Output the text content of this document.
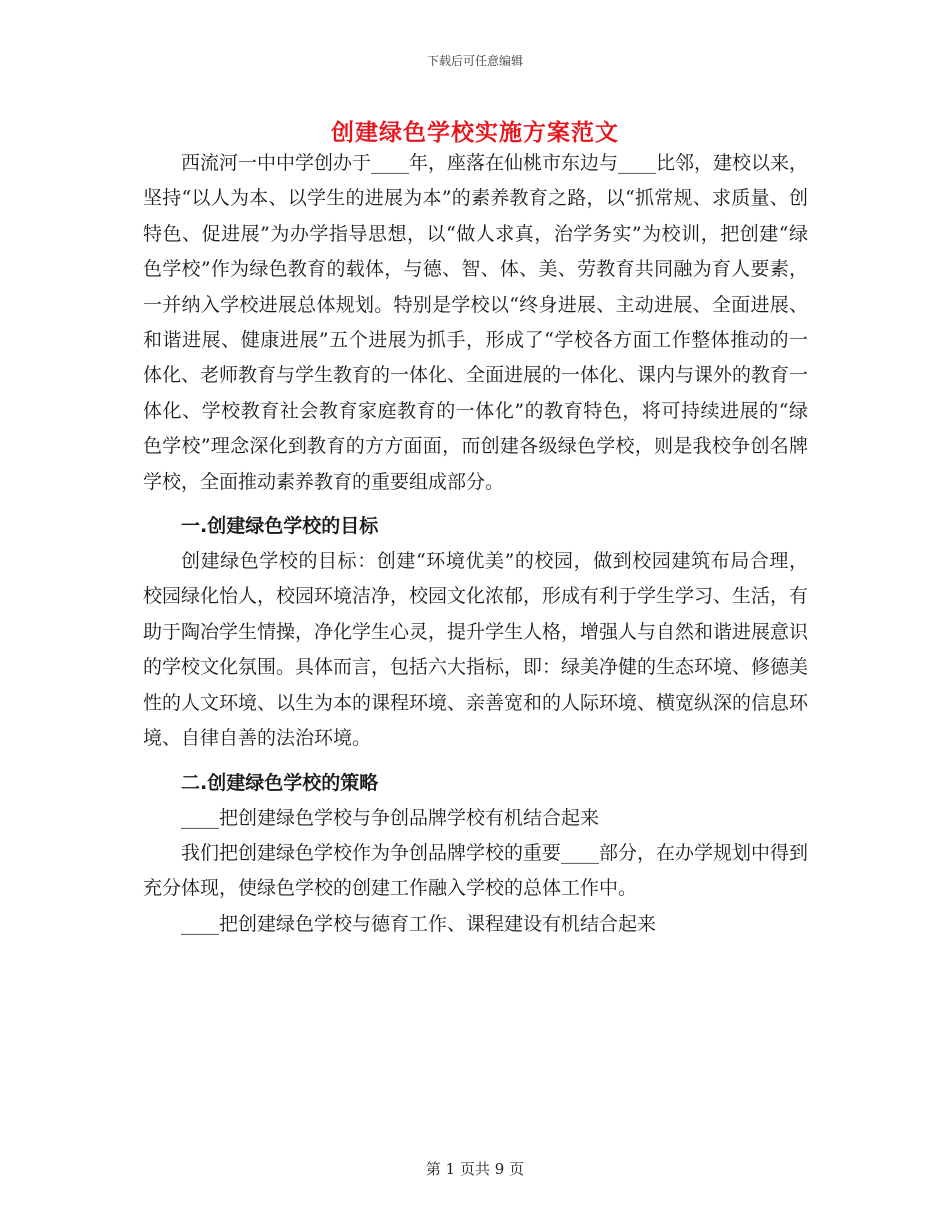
下载后可任意编辑
创建绿色学校实施方案范文

西流河一中中学创办于____年，座落在仙桃市东边与____比邻，建校以来，坚持“以人为本、以学生的进展为本”的素养教育之路，以“抓常规、求质量、创特色、促进展”为办学指导思想，以“做人求真，治学务实”为校训，把创建“绿色学校”作为绿色教育的载体，与德、智、体、美、劳教育共同融为育人要素，一并纳入学校进展总体规划。特别是学校以“终身进展、主动进展、全面进展、和谐进展、健康进展”五个进展为抓手，形成了“学校各方面工作整体推动的一体化、老师教育与学生教育的一体化、全面进展的一体化、课内与课外的教育一体化、学校教育社会教育家庭教育的一体化”的教育特色，将可持续进展的“绿色学校”理念深化到教育的方方面面，而创建各级绿色学校，则是我校争创名牌学校，全面推动素养教育的重要组成部分。

一.创建绿色学校的目标

创建绿色学校的目标：创建“环境优美”的校园，做到校园建筑布局合理，校园绿化怡人，校园环境洁净，校园文化浓郁，形成有利于学生学习、生活，有助于陶冶学生情操，净化学生心灵，提升学生人格，增强人与自然和谐进展意识的学校文化氛围。具体而言，包括六大指标，即：绿美净健的生态环境、修德美性的人文环境、以生为本的课程环境、亲善宽和的人际环境、横宽纵深的信息环境、自律自善的法治环境。

二.创建绿色学校的策略

____把创建绿色学校与争创品牌学校有机结合起来

我们把创建绿色学校作为争创品牌学校的重要____部分，在办学规划中得到充分体现，使绿色学校的创建工作融入学校的总体工作中。

____把创建绿色学校与德育工作、课程建设有机结合起来

第 1 页共 9 页
